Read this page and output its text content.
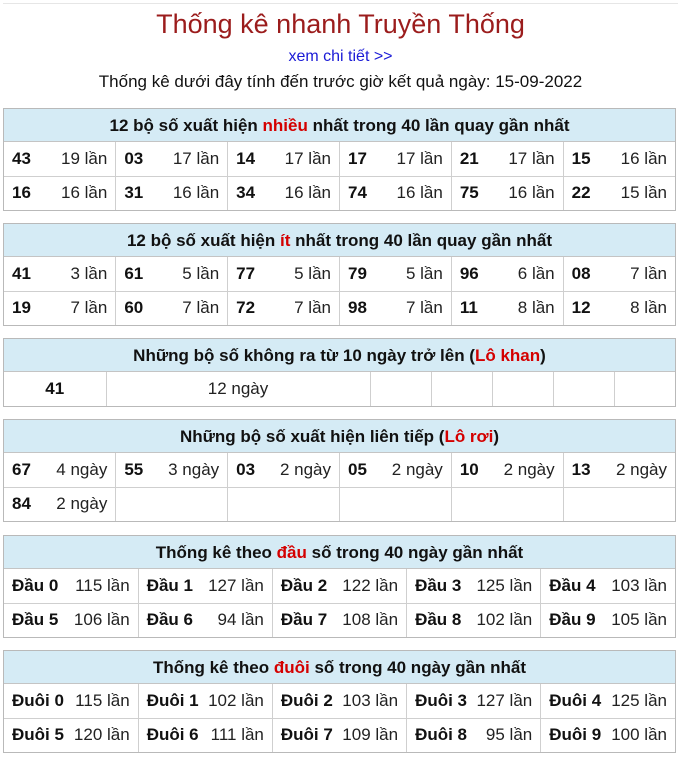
Thống kê nhanh Truyền Thống
xem chi tiết >>
Thống kê dưới đây tính đến trước giờ kết quả ngày: 15-09-2022
12 bộ số xuất hiện nhiều nhất trong 40 lần quay gần nhất
43 19 lần	03 17 lần	14 17 lần	17 17 lần	21 17 lần	15 16 lần

16 16 lần	31 16 lần	34 16 lần	74 16 lần	75 16 lần	22 15 lần
12 bộ số xuất hiện ít nhất trong 40 lần quay gần nhất
41 3 lần	61 5 lần	77 5 lần	79 5 lần	96 6 lần	08 7 lần

19 7 lần	60 7 lần	72 7 lần	98 7 lần	11 8 lần	12 8 lần
Những bộ số không ra từ 10 ngày trở lên (Lô khan)
41	12 ngày					
Những bộ số xuất hiện liên tiếp (Lô rơi)
67 4 ngày	55 3 ngày	03 2 ngày	05 2 ngày	10 2 ngày	13 2 ngày

84 2 ngày					

Thống kê theo đầu số trong 40 ngày gần nhất
Đầu 0 115 lần	Đầu 1 127 lần	Đầu 2 122 lần	Đầu 3 125 lần	Đầu 4 103 lần

Đầu 5 106 lần	Đầu 6 94 lần	Đầu 7 108 lần	Đầu 8 102 lần	Đầu 9 105 lần
Thống kê theo đuôi số trong 40 ngày gần nhất
Đuôi 0 115 lần	Đuôi 1 102 lần	Đuôi 2 103 lần	Đuôi 3 127 lần	Đuôi 4 125 lần

Đuôi 5 120 lần	Đuôi 6 111 lần	Đuôi 7 109 lần	Đuôi 8 95 lần	Đuôi 9 100 lần
